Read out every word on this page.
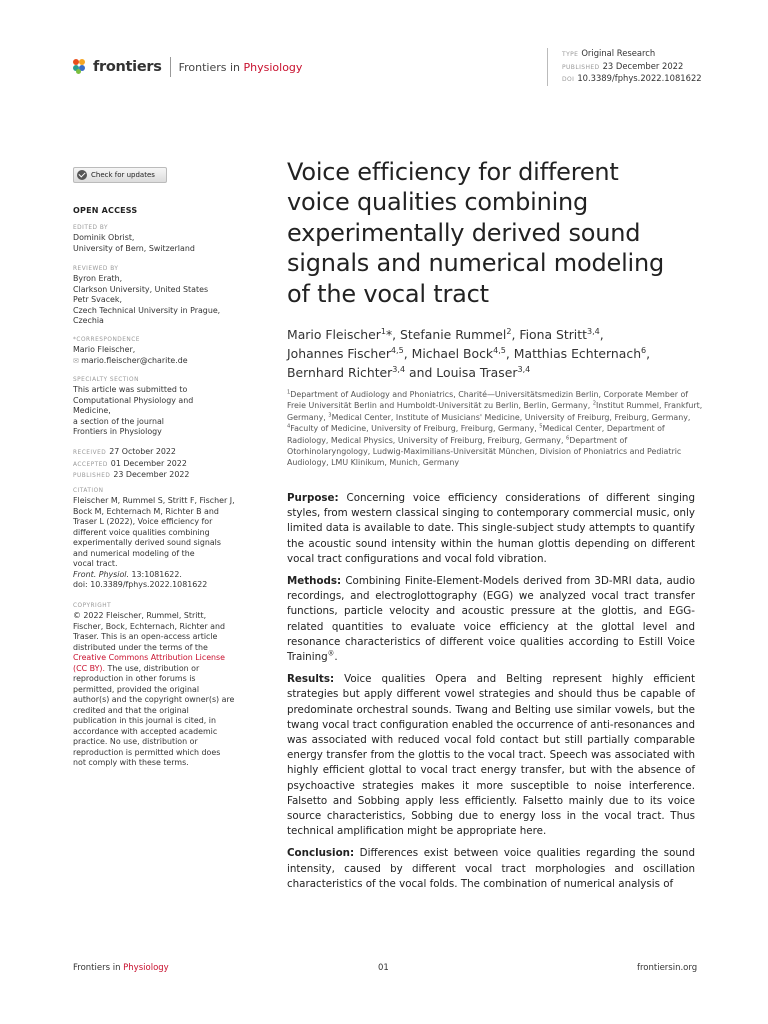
frontiers Frontiers in Physiology
TYPE Original Research
PUBLISHED 23 December 2022
DOI 10.3389/fphys.2022.1081622
Check for updates
OPEN ACCESS
EDITED BY
Dominik Obrist,
University of Bern, Switzerland
REVIEWED BY
Byron Erath,
Clarkson University, United States
Petr Svacek,
Czech Technical University in Prague,
Czechia
*CORRESPONDENCE
Mario Fleischer,
✉ mario.fleischer@charite.de
SPECIALTY SECTION
This article was submitted to
Computational Physiology and
Medicine,
a section of the journal
Frontiers in Physiology
RECEIVED 27 October 2022
ACCEPTED 01 December 2022
PUBLISHED 23 December 2022
CITATION
Fleischer M, Rummel S, Stritt F, Fischer J,
Bock M, Echternach M, Richter B and
Traser L (2022), Voice efficiency for
different voice qualities combining
experimentally derived sound signals
and numerical modeling of the
vocal tract.
Front. Physiol. 13:1081622.
doi: 10.3389/fphys.2022.1081622
COPYRIGHT
© 2022 Fleischer, Rummel, Stritt,
Fischer, Bock, Echternach, Richter and
Traser. This is an open-access article
distributed under the terms of the
Creative Commons Attribution License
(CC BY). The use, distribution or
reproduction in other forums is
permitted, provided the original
author(s) and the copyright owner(s) are
credited and that the original
publication in this journal is cited, in
accordance with accepted academic
practice. No use, distribution or
reproduction is permitted which does
not comply with these terms.
Voice efficiency for different
voice qualities combining
experimentally derived sound
signals and numerical modeling
of the vocal tract
Mario Fleischer$^1$*, Stefanie Rummel$^2$, Fiona Stritt$^{3,4}$,
Johannes Fischer$^{4,5}$, Michael Bock$^{4,5}$, Matthias Echternach$^6$,
Bernhard Richter$^{3,4}$ and Louisa Traser$^{3,4}$
$^1$Department of Audiology and Phoniatrics, Charité—Universitätsmedizin Berlin, Corporate Member of Freie Universität Berlin and Humboldt-Universität zu Berlin, Berlin, Germany, $^2$Institut Rummel, Frankfurt, Germany, $^3$Medical Center, Institute of Musicians' Medicine, University of Freiburg, Freiburg, Germany, $^4$Faculty of Medicine, University of Freiburg, Freiburg, Germany, $^5$Medical Center, Department of Radiology, Medical Physics, University of Freiburg, Freiburg, Germany, $^6$Department of Otorhinolaryngology, Ludwig-Maximilians-Universität München, Division of Phoniatrics and Pediatric Audiology, LMU Klinikum, Munich, Germany

Purpose: Concerning voice efficiency considerations of different singing styles, from western classical singing to contemporary commercial music, only limited data is available to date. This single-subject study attempts to quantify the acoustic sound intensity within the human glottis depending on different vocal tract configurations and vocal fold vibration.

Methods: Combining Finite-Element-Models derived from 3D-MRI data, audio recordings, and electroglottography (EGG) we analyzed vocal tract transfer functions, particle velocity and acoustic pressure at the glottis, and EGG-related quantities to evaluate voice efficiency at the glottal level and resonance characteristics of different voice qualities according to Estill Voice Training®.

Results: Voice qualities Opera and Belting represent highly efficient strategies but apply different vowel strategies and should thus be capable of predominate orchestral sounds. Twang and Belting use similar vowels, but the twang vocal tract configuration enabled the occurrence of anti-resonances and was associated with reduced vocal fold contact but still partially comparable energy transfer from the glottis to the vocal tract. Speech was associated with highly efficient glottal to vocal tract energy transfer, but with the absence of psychoactive strategies makes it more susceptible to noise interference. Falsetto and Sobbing apply less efficiently. Falsetto mainly due to its voice source characteristics, Sobbing due to energy loss in the vocal tract. Thus technical amplification might be appropriate here.

Conclusion: Differences exist between voice qualities regarding the sound intensity, caused by different vocal tract morphologies and oscillation characteristics of the vocal folds. The combination of numerical analysis of

Frontiers in Physiology	01	frontiersin.org
